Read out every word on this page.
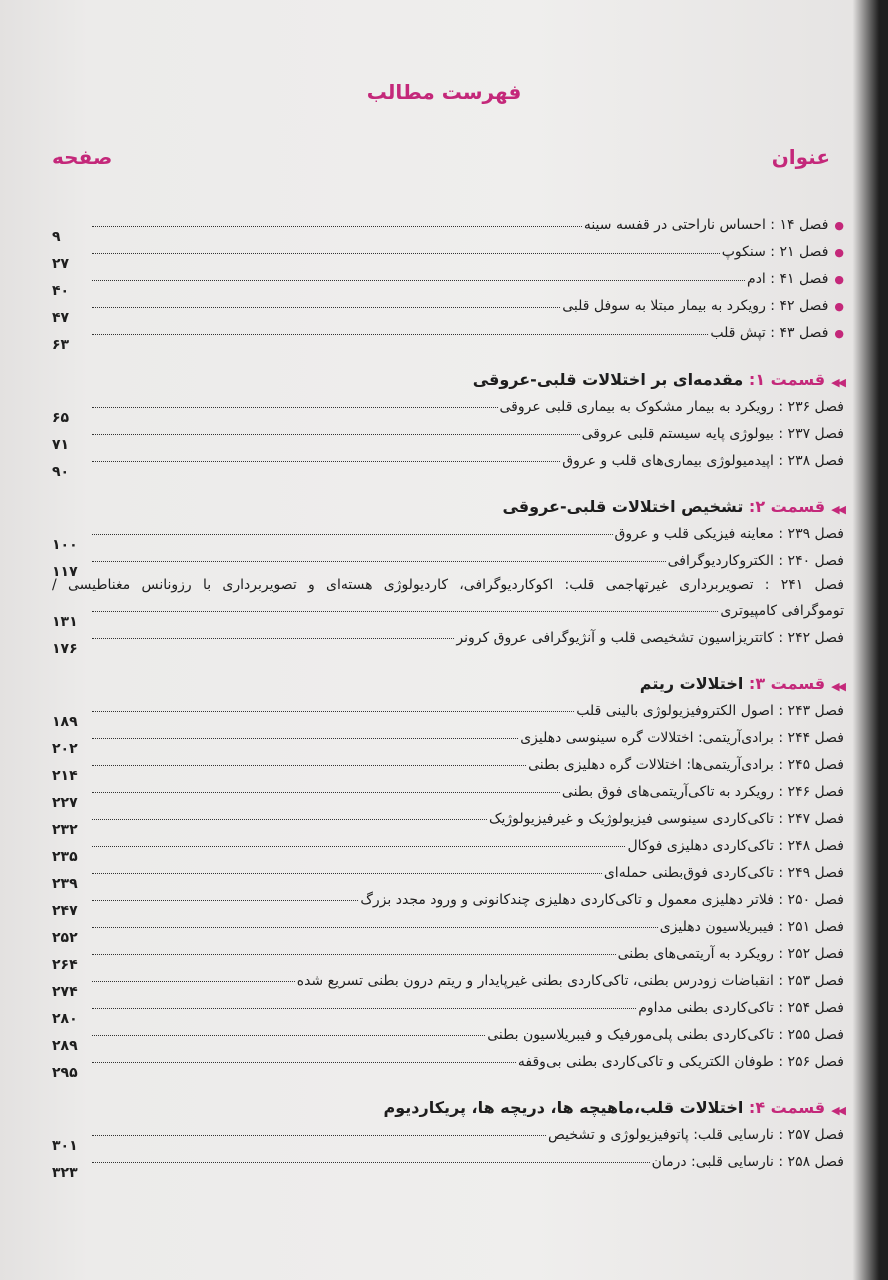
فهرست مطالب
عنوان
صفحه
● فصل ۱۴ : احساس ناراحتی در قفسه سینه
۹
● فصل ۲۱ : سنکوپ
۲۷
● فصل ۴۱ : ادم
۴۰
● فصل ۴۲ : رویکرد به بیمار مبتلا به سوفل قلبی
۴۷
● فصل ۴۳ : تپش قلب
۶۳
◀◀
قسمت ۱:
مقدمه‌ای بر اختلالات قلبی-عروقی
فصل ۲۳۶ : رویکرد به بیمار مشکوک به بیماری قلبی عروقی
۶۵
فصل ۲۳۷ : بیولوژی پایه سیستم قلبی عروقی
۷۱
فصل ۲۳۸ : اپیدمیولوژی بیماری‌های قلب و عروق
۹۰
◀◀
قسمت ۲:
تشخیص اختلالات قلبی-عروقی
فصل ۲۳۹ : معاینه فیزیکی قلب و عروق
۱۰۰
فصل ۲۴۰ : الکتروکاردیوگرافی
۱۱۷
فصل ۲۴۱ : تصویربرداری غیرتهاجمی قلب: اکوکاردیوگرافی، کاردیولوژی هسته‌ای و تصویربرداری با رزونانس مغناطیسی /
توموگرافی کامپیوتری
۱۳۱
فصل ۲۴۲ : کاتتریزاسیون تشخیصی قلب و آنژیوگرافی عروق کرونر
۱۷۶
◀◀
قسمت ۳:
اختلالات ریتم
فصل ۲۴۳ : اصول الکتروفیزیولوژی بالینی قلب
۱۸۹
فصل ۲۴۴ : برادی‌آریتمی: اختلالات گره سینوسی دهلیزی
۲۰۲
فصل ۲۴۵ : برادی‌آریتمی‌ها: اختلالات گره دهلیزی بطنی
۲۱۴
فصل ۲۴۶ : رویکرد به تاکی‌آریتمی‌های فوق بطنی
۲۲۷
فصل ۲۴۷ : تاکی‌کاردی سینوسی فیزیولوژیک و غیرفیزیولوژیک
۲۳۲
فصل ۲۴۸ : تاکی‌کاردی دهلیزی فوکال
۲۳۵
فصل ۲۴۹ : تاکی‌کاردی فوق‌بطنی حمله‌ای
۲۳۹
فصل ۲۵۰ : فلاتر دهلیزی معمول و تاکی‌کاردی دهلیزی چندکانونی و ورود مجدد بزرگ
۲۴۷
فصل ۲۵۱ : فیبریلاسیون دهلیزی
۲۵۲
فصل ۲۵۲ : رویکرد به آریتمی‌های بطنی
۲۶۴
فصل ۲۵۳ : انقباضات زودرس بطنی، تاکی‌کاردی بطنی غیرپایدار و ریتم درون بطنی تسریع شده
۲۷۴
فصل ۲۵۴ : تاکی‌کاردی بطنی مداوم
۲۸۰
فصل ۲۵۵ : تاکی‌کاردی بطنی پلی‌مورفیک و فیبریلاسیون بطنی
۲۸۹
فصل ۲۵۶ : طوفان الکتریکی و تاکی‌کاردی بطنی بی‌وقفه
۲۹۵
◀◀
قسمت ۴:
اختلالات قلب،ماهیچه ها، دریچه ها، پریکاردیوم
فصل ۲۵۷ : نارسایی قلب: پاتوفیزیولوژی و تشخیص
۳۰۱
فصل ۲۵۸ : نارسایی قلبی: درمان
۳۲۳
